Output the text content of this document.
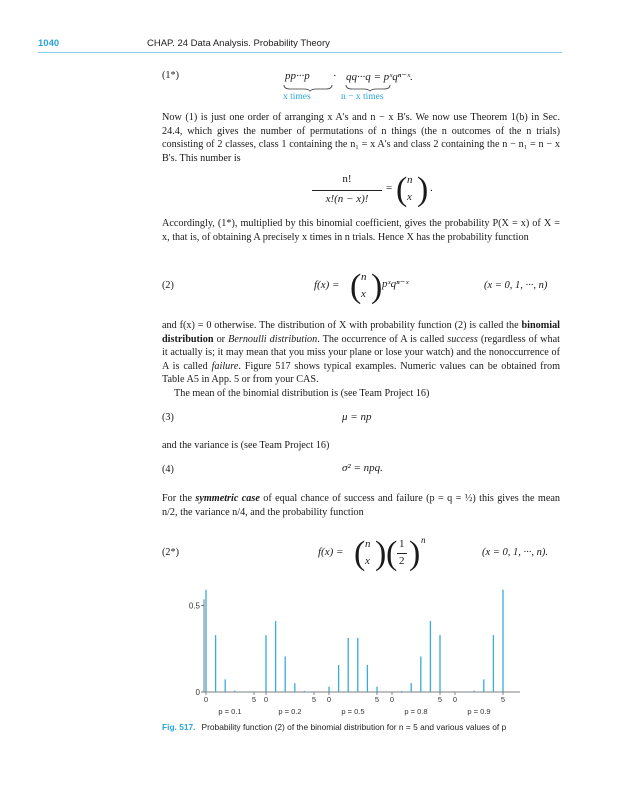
1040	CHAP. 24 Data Analysis. Probability Theory
(1*)	pp···p · qq···q = pˣqⁿ⁻ˣ.
x times	n − x times
Now (1) is just one order of arranging x A's and n − x B's. We now use Theorem 1(b) in Sec. 24.4, which gives the number of permutations of n things (the n outcomes of the n trials) consisting of 2 classes, class 1 containing the n₁ = x A's and class 2 containing the n − n₁ = n − x B's. This number is
n!
x!(n − x)!
= ( n
x ) .
Accordingly, (1*), multiplied by this binomial coefficient, gives the probability P(X = x) of X = x, that is, of obtaining A precisely x times in n trials. Hence X has the probability function
(2)	f(x) = ( n
x ) pˣqⁿ⁻ˣ	(x = 0, 1, ···, n)
and f(x) = 0 otherwise. The distribution of X with probability function (2) is called the binomial distribution or Bernoulli distribution. The occurrence of A is called success (regardless of what it actually is; it may mean that you miss your plane or lose your watch) and the nonoccurrence of A is called failure. Figure 517 shows typical examples. Numeric values can be obtained from Table A5 in App. 5 or from your CAS.
The mean of the binomial distribution is (see Team Project 16)
(3)	μ = np
and the variance is (see Team Project 16)
(4)	σ² = npq.
For the symmetric case of equal chance of success and failure (p = q = ½) this gives the mean n/2, the variance n/4, and the probability function
(2*)	f(x) = ( n
x ) ( 1
2 ) n
(x = 0, 1, ···, n).
0
0.5
0	5
p = 0.1
0	5
p = 0.2
0	5
p = 0.5
0	5
p = 0.8
0	5
p = 0.9
Fig. 517. Probability function (2) of the binomial distribution for n = 5 and various values of p
